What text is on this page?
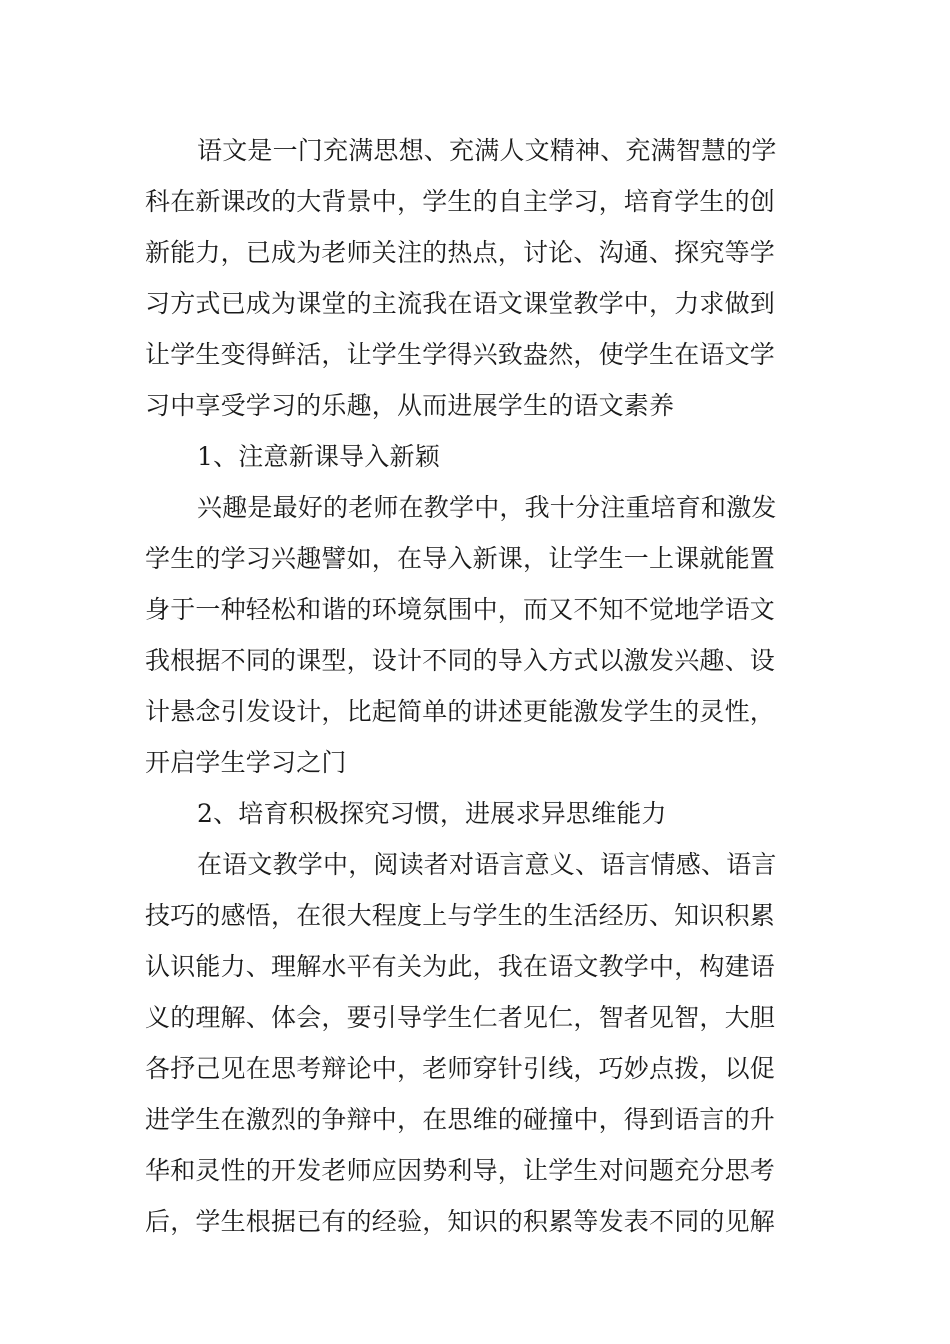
语文是一门充满思想、充满人文精神、充满智慧的学
科在新课改的大背景中，学生的自主学习，培育学生的创
新能力，已成为老师关注的热点，讨论、沟通、探究等学
习方式已成为课堂的主流我在语文课堂教学中，力求做到
让学生变得鲜活，让学生学得兴致盎然，使学生在语文学
习中享受学习的乐趣，从而进展学生的语文素养
1、注意新课导入新颖
兴趣是最好的老师在教学中，我十分注重培育和激发
学生的学习兴趣譬如，在导入新课，让学生一上课就能置
身于一种轻松和谐的环境氛围中，而又不知不觉地学语文
我根据不同的课型，设计不同的导入方式以激发兴趣、设
计悬念引发设计，比起简单的讲述更能激发学生的灵性，
开启学生学习之门
2、培育积极探究习惯，进展求异思维能力
在语文教学中，阅读者对语言意义、语言情感、语言
技巧的感悟，在很大程度上与学生的生活经历、知识积累
认识能力、理解水平有关为此，我在语文教学中，构建语
义的理解、体会，要引导学生仁者见仁，智者见智，大胆
各抒己见在思考辩论中，老师穿针引线，巧妙点拨，以促
进学生在激烈的争辩中，在思维的碰撞中，得到语言的升
华和灵性的开发老师应因势利导，让学生对问题充分思考
后，学生根据已有的经验，知识的积累等发表不同的见解
